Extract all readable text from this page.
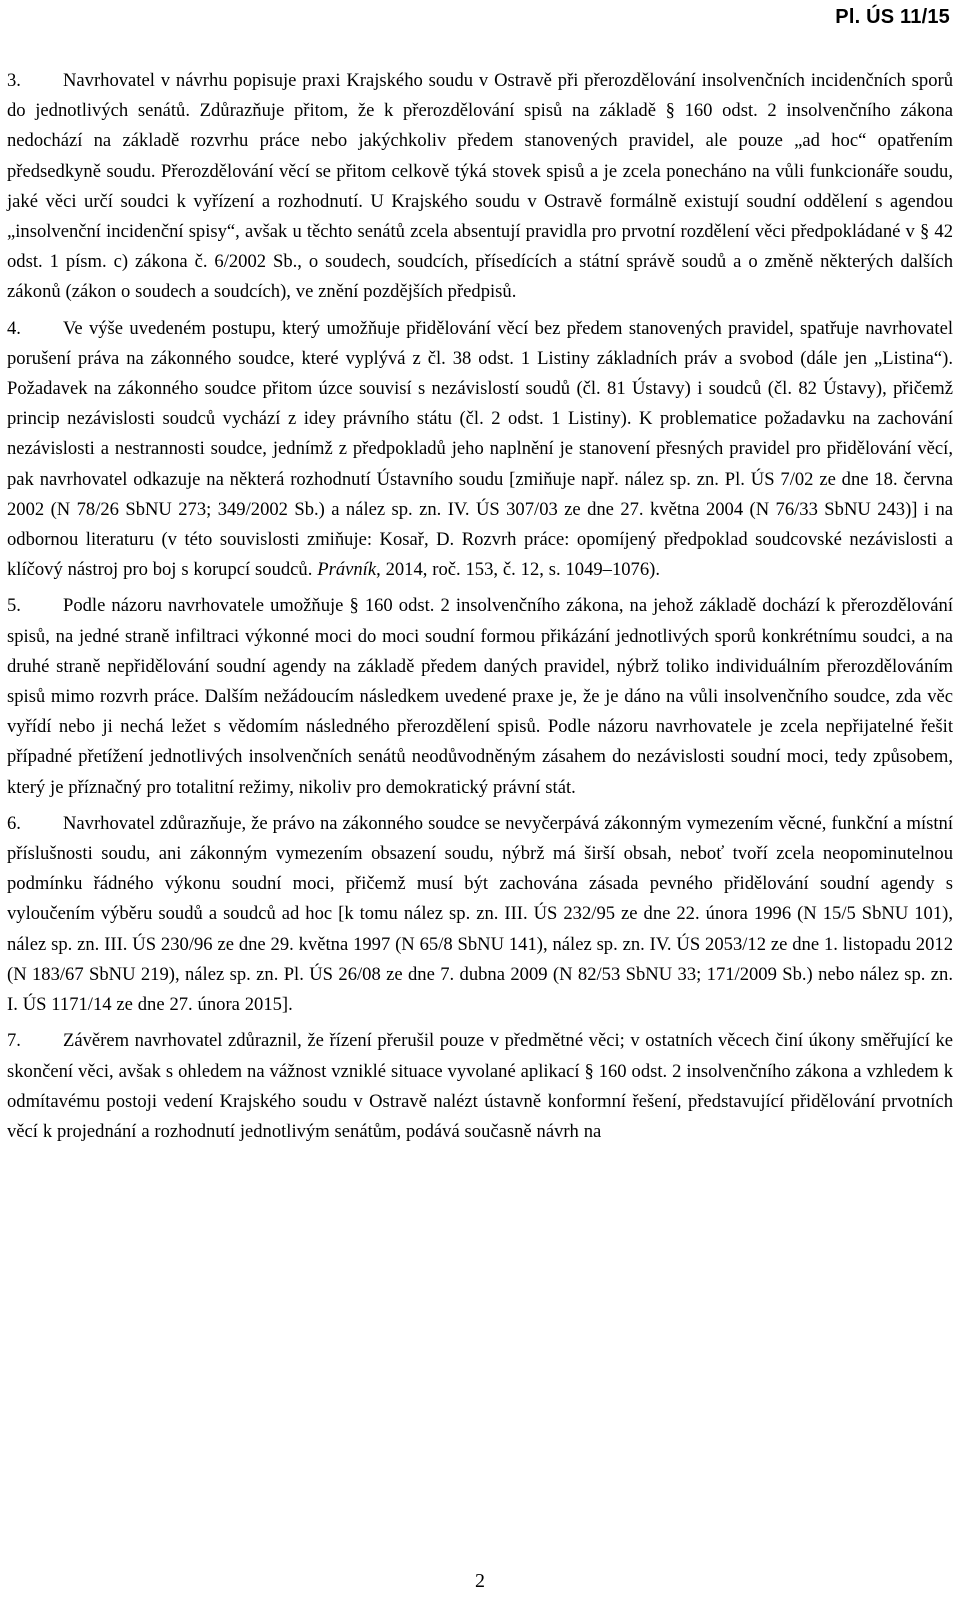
Pl. ÚS 11/15

3. Navrhovatel v návrhu popisuje praxi Krajského soudu v Ostravě při přerozdělování insolvenčních incidenčních sporů do jednotlivých senátů. Zdůrazňuje přitom, že k přerozdělování spisů na základě § 160 odst. 2 insolvenčního zákona nedochází na základě rozvrhu práce nebo jakýchkoliv předem stanovených pravidel, ale pouze „ad hoc“ opatřením předsedkyně soudu. Přerozdělování věcí se přitom celkově týká stovek spisů a je zcela ponecháno na vůli funkcionáře soudu, jaké věci určí soudci k vyřízení a rozhodnutí. U Krajského soudu v Ostravě formálně existují soudní oddělení s agendou „insolvenční incidenční spisy“, avšak u těchto senátů zcela absentují pravidla pro prvotní rozdělení věci předpokládané v § 42 odst. 1 písm. c) zákona č. 6/2002 Sb., o soudech, soudcích, přísedících a státní správě soudů a o změně některých dalších zákonů (zákon o soudech a soudcích), ve znění pozdějších předpisů.

4. Ve výše uvedeném postupu, který umožňuje přidělování věcí bez předem stanovených pravidel, spatřuje navrhovatel porušení práva na zákonného soudce, které vyplývá z čl. 38 odst. 1 Listiny základních práv a svobod (dále jen „Listina“). Požadavek na zákonného soudce přitom úzce souvisí s nezávislostí soudů (čl. 81 Ústavy) i soudců (čl. 82 Ústavy), přičemž princip nezávislosti soudců vychází z idey právního státu (čl. 2 odst. 1 Listiny). K problematice požadavku na zachování nezávislosti a nestrannosti soudce, jednímž z předpokladů jeho naplnění je stanovení přesných pravidel pro přidělování věcí, pak navrhovatel odkazuje na některá rozhodnutí Ústavního soudu [zmiňuje např. nález sp. zn. Pl. ÚS 7/02 ze dne 18. června 2002 (N 78/26 SbNU 273; 349/2002 Sb.) a nález sp. zn. IV. ÚS 307/03 ze dne 27. května 2004 (N 76/33 SbNU 243)] i na odbornou literaturu (v této souvislosti zmiňuje: Kosař, D. Rozvrh práce: opomíjený předpoklad soudcovské nezávislosti a klíčový nástroj pro boj s korupcí soudců. Právník, 2014, roč. 153, č. 12, s. 1049–1076).

5. Podle názoru navrhovatele umožňuje § 160 odst. 2 insolvenčního zákona, na jehož základě dochází k přerozdělování spisů, na jedné straně infiltraci výkonné moci do moci soudní formou přikázání jednotlivých sporů konkrétnímu soudci, a na druhé straně nepřidělování soudní agendy na základě předem daných pravidel, nýbrž toliko individuálním přerozdělováním spisů mimo rozvrh práce. Dalším nežádoucím následkem uvedené praxe je, že je dáno na vůli insolvenčního soudce, zda věc vyřídí nebo ji nechá ležet s vědomím následného přerozdělení spisů. Podle názoru navrhovatele je zcela nepřijatelné řešit případné přetížení jednotlivých insolvenčních senátů neodůvodněným zásahem do nezávislosti soudní moci, tedy způsobem, který je příznačný pro totalitní režimy, nikoliv pro demokratický právní stát.

6. Navrhovatel zdůrazňuje, že právo na zákonného soudce se nevyčerpává zákonným vymezením věcné, funkční a místní příslušnosti soudu, ani zákonným vymezením obsazení soudu, nýbrž má širší obsah, neboť tvoří zcela neopominutelnou podmínku řádného výkonu soudní moci, přičemž musí být zachována zásada pevného přidělování soudní agendy s vyloučením výběru soudů a soudců ad hoc [k tomu nález sp. zn. III. ÚS 232/95 ze dne 22. února 1996 (N 15/5 SbNU 101), nález sp. zn. III. ÚS 230/96 ze dne 29. května 1997 (N 65/8 SbNU 141), nález sp. zn. IV. ÚS 2053/12 ze dne 1. listopadu 2012 (N 183/67 SbNU 219), nález sp. zn. Pl. ÚS 26/08 ze dne 7. dubna 2009 (N 82/53 SbNU 33; 171/2009 Sb.) nebo nález sp. zn. I. ÚS 1171/14 ze dne 27. února 2015].

7. Závěrem navrhovatel zdůraznil, že řízení přerušil pouze v předmětné věci; v ostatních věcech činí úkony směřující ke skončení věci, avšak s ohledem na vážnost vzniklé situace vyvolané aplikací § 160 odst. 2 insolvenčního zákona a vzhledem k odmítavému postoji vedení Krajského soudu v Ostravě nalézt ústavně konformní řešení, představující přidělování prvotních věcí k projednání a rozhodnutí jednotlivým senátům, podává současně návrh na

2
